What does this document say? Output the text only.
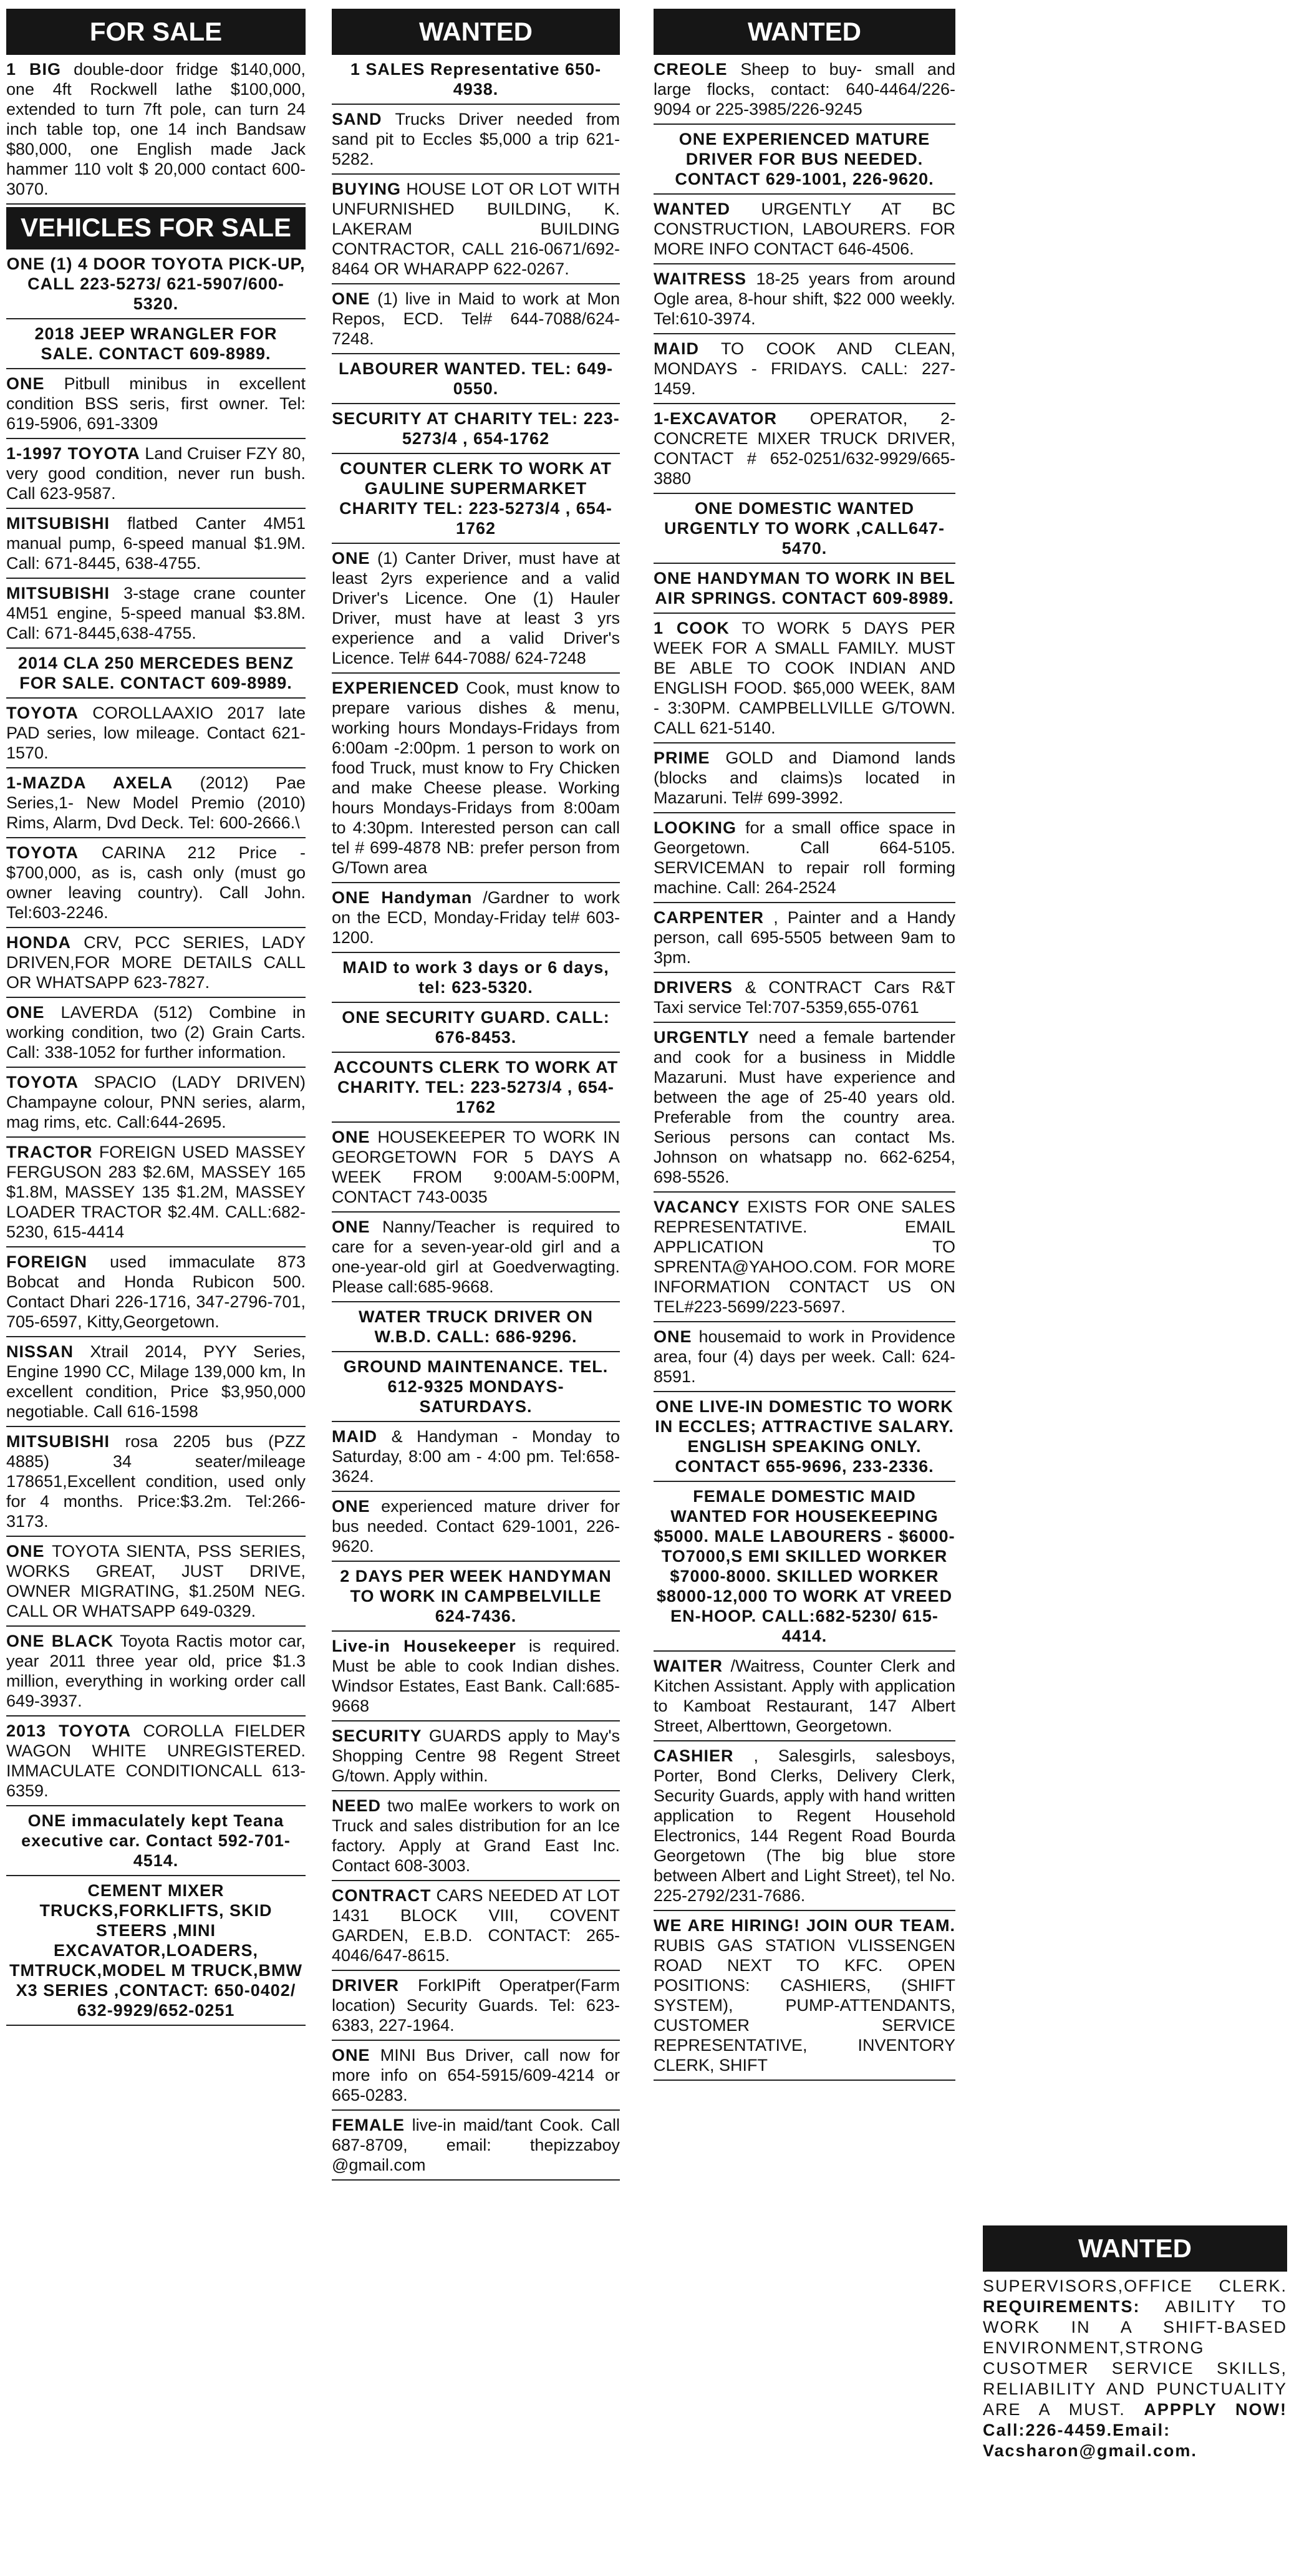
FOR SALE
1 BIG double-door fridge $140,000, one 4ft Rockwell lathe $100,000, extended to turn 7ft pole, can turn 24 inch table top, one 14 inch Bandsaw $80,000, one English made Jack hammer 110 volt $ 20,000 contact 600-3070.
VEHICLES FOR SALE
ONE (1) 4 DOOR TOYOTA PICK-UP, CALL 223-5273/ 621-5907/600-5320.
2018 JEEP WRANGLER FOR SALE. CONTACT 609-8989.
ONE Pitbull minibus in excellent condition BSS seris, first owner. Tel: 619-5906, 691-3309
1-1997 TOYOTA Land Cruiser FZY 80, very good condition, never run bush. Call 623-9587.
MITSUBISHI flatbed Canter 4M51 manual pump, 6-speed manual $1.9M. Call: 671-8445, 638-4755.
MITSUBISHI 3-stage crane counter 4M51 engine, 5-speed manual $3.8M. Call: 671-8445,638-4755.
2014 CLA 250 MERCEDES BENZ FOR SALE. CONTACT 609-8989.
TOYOTA COROLLAAXIO 2017 late PAD series, low mileage. Contact 621-1570.
1-MAZDA AXELA (2012) Pae Series,1- New Model Premio (2010) Rims, Alarm, Dvd Deck. Tel: 600-2666.\
TOYOTA CARINA 212 Price - $700,000, as is, cash only (must go owner leaving country). Call John. Tel:603-2246.
HONDA CRV, PCC SERIES, LADY DRIVEN,FOR MORE DETAILS CALL OR WHATSAPP 623-7827.
ONE LAVERDA (512) Combine in working condition, two (2) Grain Carts. Call: 338-1052 for further information.
TOYOTA SPACIO (LADY DRIVEN) Champayne colour, PNN series, alarm, mag rims, etc. Call:644-2695.
TRACTOR FOREIGN USED MASSEY FERGUSON 283 $2.6M, MASSEY 165 $1.8M, MASSEY 135 $1.2M, MASSEY LOADER TRACTOR $2.4M. CALL:682-5230, 615-4414
FOREIGN used immaculate 873 Bobcat and Honda Rubicon 500. Contact Dhari 226-1716, 347-2796-701, 705-6597, Kitty,Georgetown.
NISSAN Xtrail 2014, PYY Series, Engine 1990 CC, Milage 139,000 km, In excellent condition, Price $3,950,000 negotiable. Call 616-1598
MITSUBISHI rosa 2205 bus (PZZ 4885) 34 seater/mileage 178651,Excellent condition, used only for 4 months. Price:$3.2m. Tel:266-3173.
ONE TOYOTA SIENTA, PSS SERIES, WORKS GREAT, JUST DRIVE, OWNER MIGRATING, $1.250M NEG. CALL OR WHATSAPP 649-0329.
ONE BLACK Toyota Ractis motor car, year 2011 three year old, price $1.3 million, everything in working order call 649-3937.
2013 TOYOTA COROLLA FIELDER WAGON WHITE UNREGISTERED. IMMACULATE CONDITIONCALL 613-6359.
ONE immaculately kept Teana executive car. Contact 592-701-4514.
CEMENT MIXER TRUCKS,FORKLIFTS, SKID STEERS ,MINI EXCAVATOR,LOADERS, TMTRUCK,MODEL M TRUCK,BMW X3 SERIES ,CONTACT: 650-0402/ 632-9929/652-0251
WANTED
1 SALES Representative 650-4938.
SAND Trucks Driver needed from sand pit to Eccles $5,000 a trip 621-5282.
BUYING HOUSE LOT OR LOT WITH UNFURNISHED BUILDING, K. LAKERAM BUILDING CONTRACTOR, CALL 216-0671/692-8464 OR WHARAPP 622-0267.
ONE (1) live in Maid to work at Mon Repos, ECD. Tel# 644-7088/624-7248.
LABOURER WANTED. TEL: 649-0550.
SECURITY AT CHARITY TEL: 223-5273/4 , 654-1762
COUNTER CLERK TO WORK AT GAULINE SUPERMARKET CHARITY TEL: 223-5273/4 , 654-1762
ONE (1) Canter Driver, must have at least 2yrs experience and a valid Driver's Licence. One (1) Hauler Driver, must have at least 3 yrs experience and a valid Driver's Licence. Tel# 644-7088/ 624-7248
EXPERIENCED Cook, must know to prepare various dishes & menu, working hours Mondays-Fridays from 6:00am -2:00pm. 1 person to work on food Truck, must know to Fry Chicken and make Cheese please. Working hours Mondays-Fridays from 8:00am to 4:30pm. Interested person can call tel # 699-4878 NB: prefer person from G/Town area
ONE Handyman /Gardner to work on the ECD, Monday-Friday tel# 603-1200.
MAID to work 3 days or 6 days, tel: 623-5320.
ONE SECURITY GUARD. CALL: 676-8453.
ACCOUNTS CLERK TO WORK AT CHARITY. TEL: 223-5273/4 , 654-1762
ONE HOUSEKEEPER TO WORK IN GEORGETOWN FOR 5 DAYS A WEEK FROM 9:00AM-5:00PM, CONTACT 743-0035
ONE Nanny/Teacher is required to care for a seven-year-old girl and a one-year-old girl at Goedverwagting. Please call:685-9668.
WATER TRUCK DRIVER ON W.B.D. CALL: 686-9296.
GROUND MAINTENANCE. TEL. 612-9325 MONDAYS-SATURDAYS.
MAID & Handyman - Monday to Saturday, 8:00 am - 4:00 pm. Tel:658-3624.
ONE experienced mature driver for bus needed. Contact 629-1001, 226-9620.
2 DAYS PER WEEK HANDYMAN TO WORK IN CAMPBELVILLE 624-7436.
Live-in Housekeeper is required. Must be able to cook Indian dishes. Windsor Estates, East Bank. Call:685-9668
SECURITY GUARDS apply to May's Shopping Centre 98 Regent Street G/town. Apply within.
NEED two malEe workers to work on Truck and sales distribution for an Ice factory. Apply at Grand East Inc. Contact 608-3003.
CONTRACT CARS NEEDED AT LOT 1431 BLOCK VIII, COVENT GARDEN, E.B.D. CONTACT: 265-4046/647-8615.
DRIVER ForkIPift Operatper(Farm location) Security Guards. Tel: 623-6383, 227-1964.
ONE MINI Bus Driver, call now for more info on 654-5915/609-4214 or 665-0283.
FEMALE live-in maid/tant Cook. Call 687-8709, email: thepizzaboy @gmail.com
WANTED
CREOLE Sheep to buy- small and large flocks, contact: 640-4464/226-9094 or 225-3985/226-9245
ONE EXPERIENCED MATURE DRIVER FOR BUS NEEDED. CONTACT 629-1001, 226-9620.
WANTED URGENTLY AT BC CONSTRUCTION, LABOURERS. FOR MORE INFO CONTACT 646-4506.
WAITRESS 18-25 years from around Ogle area, 8-hour shift, $22 000 weekly. Tel:610-3974.
MAID TO COOK AND CLEAN, MONDAYS - FRIDAYS. CALL: 227-1459.
1-EXCAVATOR OPERATOR, 2- CONCRETE MIXER TRUCK DRIVER, CONTACT # 652-0251/632-9929/665-3880
ONE DOMESTIC WANTED URGENTLY TO WORK ,CALL647-5470.
ONE HANDYMAN TO WORK IN BEL AIR SPRINGS. CONTACT 609-8989.
1 COOK TO WORK 5 DAYS PER WEEK FOR A SMALL FAMILY. MUST BE ABLE TO COOK INDIAN AND ENGLISH FOOD. $65,000 WEEK, 8AM - 3:30PM. CAMPBELLVILLE G/TOWN. CALL 621-5140.
PRIME GOLD and Diamond lands (blocks and claims)s located in Mazaruni. Tel# 699-3992.
LOOKING for a small office space in Georgetown. Call 664-5105. SERVICEMAN to repair roll forming machine. Call: 264-2524
CARPENTER , Painter and a Handy person, call 695-5505 between 9am to 3pm.
DRIVERS & CONTRACT Cars R&T Taxi service Tel:707-5359,655-0761
URGENTLY need a female bartender and cook for a business in Middle Mazaruni. Must have experience and between the age of 25-40 years old. Preferable from the country area. Serious persons can contact Ms. Johnson on whatsapp no. 662-6254, 698-5526.
VACANCY EXISTS FOR ONE SALES REPRESENTATIVE. EMAIL APPLICATION TO SPRENTA@YAHOO.COM. FOR MORE INFORMATION CONTACT US ON TEL#223-5699/223-5697.
ONE housemaid to work in Providence area, four (4) days per week. Call: 624-8591.
ONE LIVE-IN DOMESTIC TO WORK IN ECCLES; ATTRACTIVE SALARY. ENGLISH SPEAKING ONLY. CONTACT 655-9696, 233-2336.
FEMALE DOMESTIC MAID WANTED FOR HOUSEKEEPING $5000. MALE LABOURERS - $6000-TO7000,S EMI SKILLED WORKER $7000-8000. SKILLED WORKER $8000-12,000 TO WORK AT VREED EN-HOOP. CALL:682-5230/ 615-4414.
WAITER /Waitress, Counter Clerk and Kitchen Assistant. Apply with application to Kamboat Restaurant, 147 Albert Street, Alberttown, Georgetown.
CASHIER , Salesgirls, salesboys, Porter, Bond Clerks, Delivery Clerk, Security Guards, apply with hand written application to Regent Household Electronics, 144 Regent Road Bourda Georgetown (The big blue store between Albert and Light Street), tel No. 225-2792/231-7686.
WE ARE HIRING! JOIN OUR TEAM. RUBIS GAS STATION VLISSENGEN ROAD NEXT TO KFC. OPEN POSITIONS: CASHIERS, (SHIFT SYSTEM), PUMP-ATTENDANTS, CUSTOMER SERVICE REPRESENTATIVE, INVENTORY CLERK, SHIFT
WANTED
SUPERVISORS,OFFICE CLERK. REQUIREMENTS: ABILITY TO WORK IN A SHIFT-BASED ENVIRONMENT,STRONG CUSOTMER SERVICE SKILLS, RELIABILITY AND PUNCTUALITY ARE A MUST. APPPLY NOW! Call:226-4459.Email: Vacsharon@gmail.com.
